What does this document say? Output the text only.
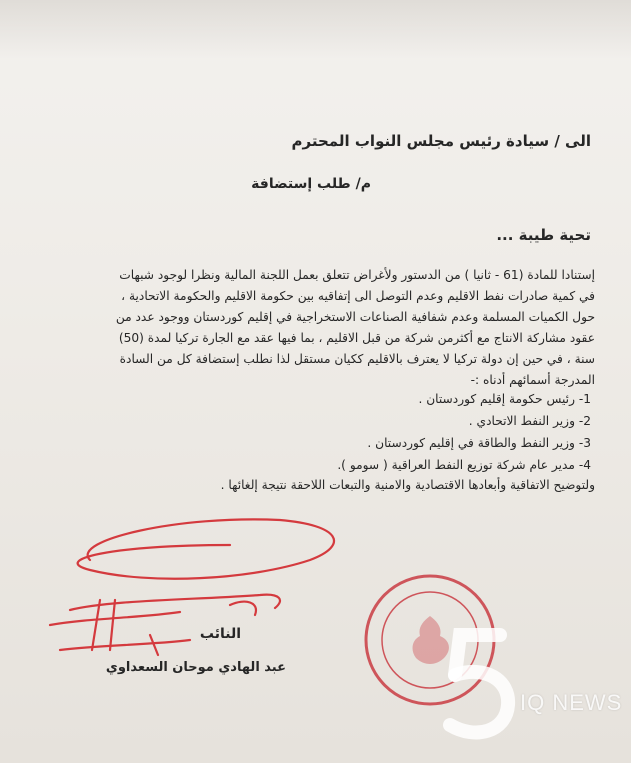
الى / سيادة رئيس مجلس النواب المحترم
م/ طلب إستضافة
تحية طيبة ...
إستنادا للمادة (61 - ثانيا ) من الدستور ولأغراض تتعلق بعمل اللجنة المالية ونظرا لوجود شبهات
في كمية صادرات نفط الاقليم وعدم التوصل الى إتفاقيه بين حكومة الاقليم والحكومة الاتحادية ،
حول الكميات المسلمة وعدم شفافية الصناعات الاستخراجية في إقليم كوردستان ووجود عدد من
عقود مشاركة الانتاج مع أكثرمن شركة من قبل الاقليم ، بما فيها عقد مع الجارة تركيا لمدة (50)
سنة ، في حين إن دولة تركيا لا يعترف بالاقليم ككيان مستقل لذا نطلب إستضافة كل من السادة
المدرجة أسمائهم أدناه :-
1- رئيس حكومة إقليم كوردستان .
2- وزير النفط الاتحادي .
3- وزير النفط والطاقة في إقليم كوردستان .
4- مدير عام شركة توزيع النفط العراقية ( سومو ).
ولتوضيح الاتفاقية وأبعادها الاقتصادية والامنية والتبعات اللاحقة نتيجة إلغائها .
النائب
عبد الهادي موحان السعداوي
IQ NEWS
